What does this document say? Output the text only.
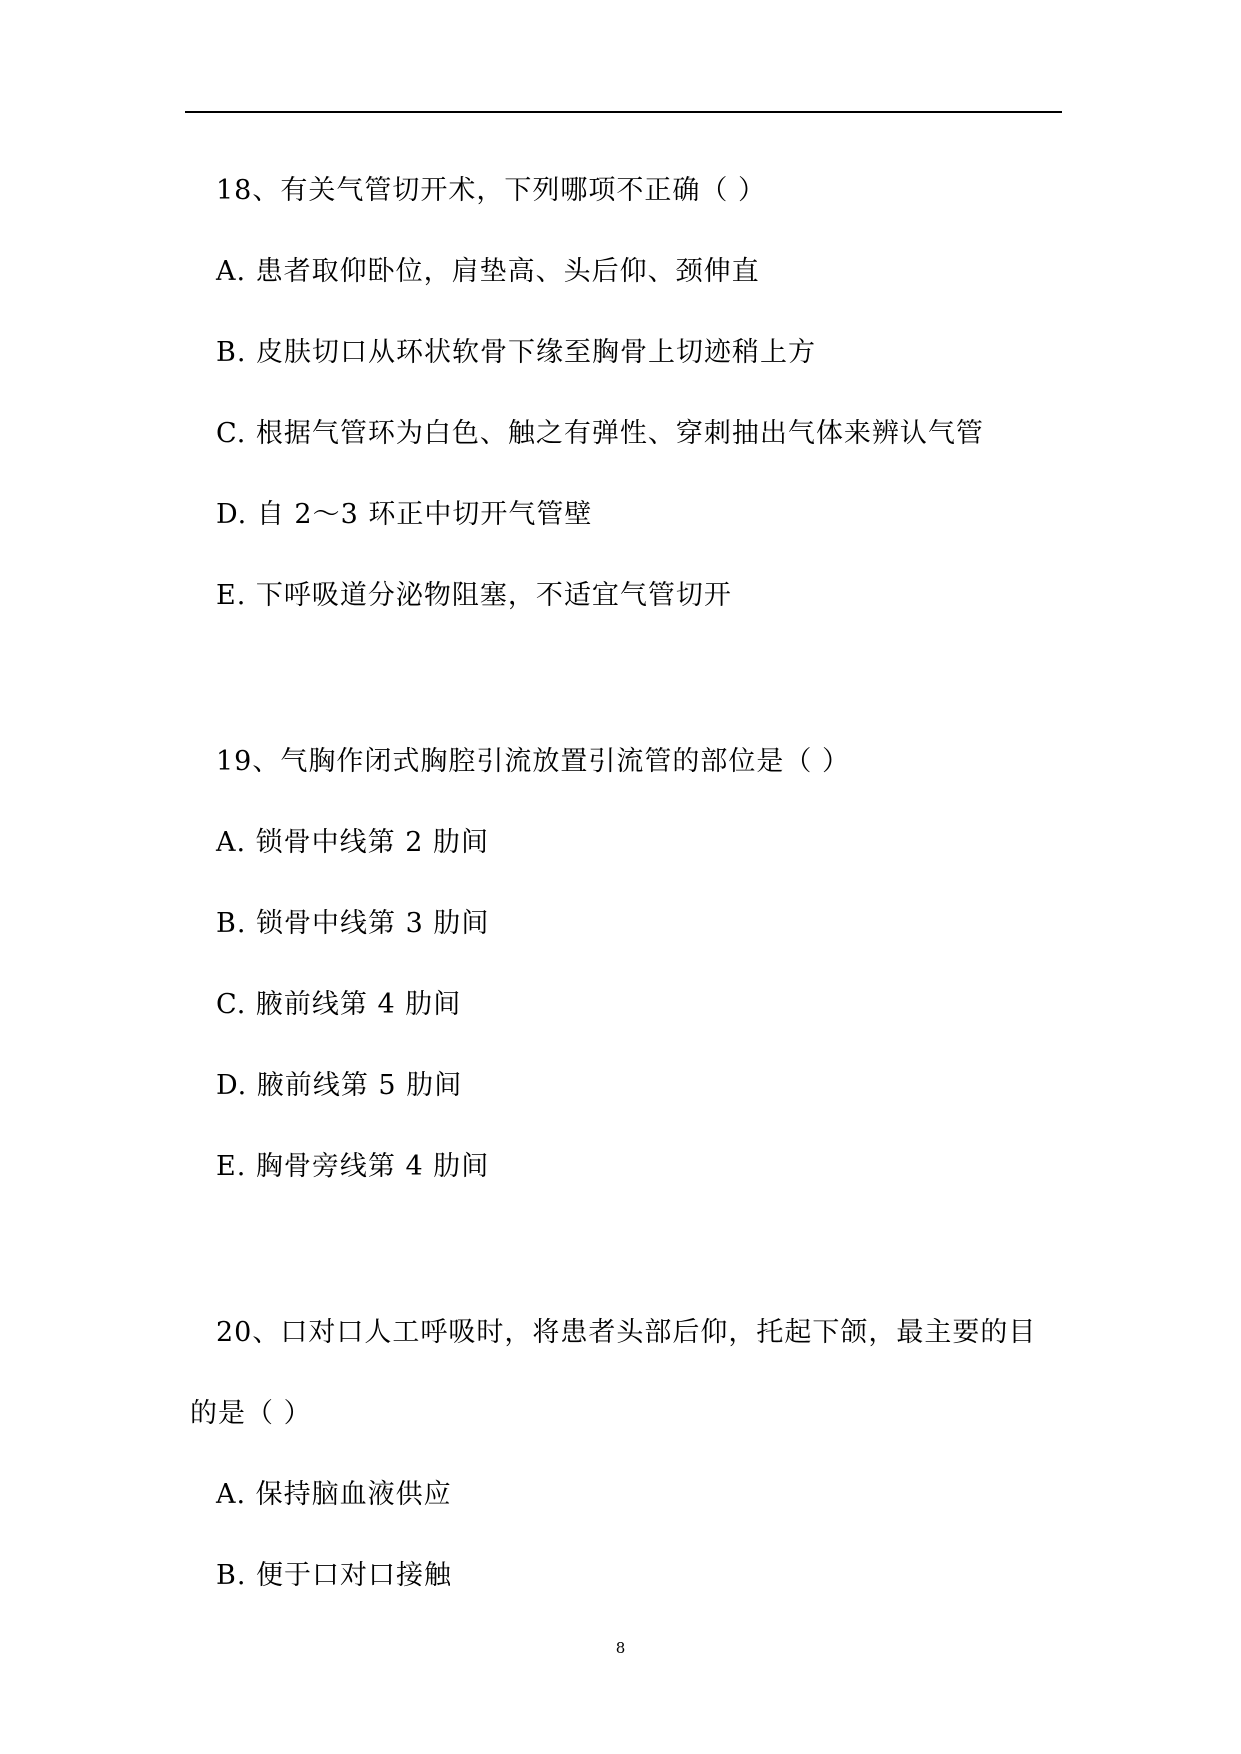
18、有关气管切开术，下列哪项不正确（ ）
A. 患者取仰卧位，肩垫高、头后仰、颈伸直
B. 皮肤切口从环状软骨下缘至胸骨上切迹稍上方
C. 根据气管环为白色、触之有弹性、穿刺抽出气体来辨认气管
D. 自 2～3 环正中切开气管壁
E. 下呼吸道分泌物阻塞，不适宜气管切开
19、气胸作闭式胸腔引流放置引流管的部位是（ ）
A. 锁骨中线第 2 肋间
B. 锁骨中线第 3 肋间
C. 腋前线第 4 肋间
D. 腋前线第 5 肋间
E. 胸骨旁线第 4 肋间
20、口对口人工呼吸时，将患者头部后仰，托起下颌，最主要的目
的是（ ）
A. 保持脑血液供应
B. 便于口对口接触
8
